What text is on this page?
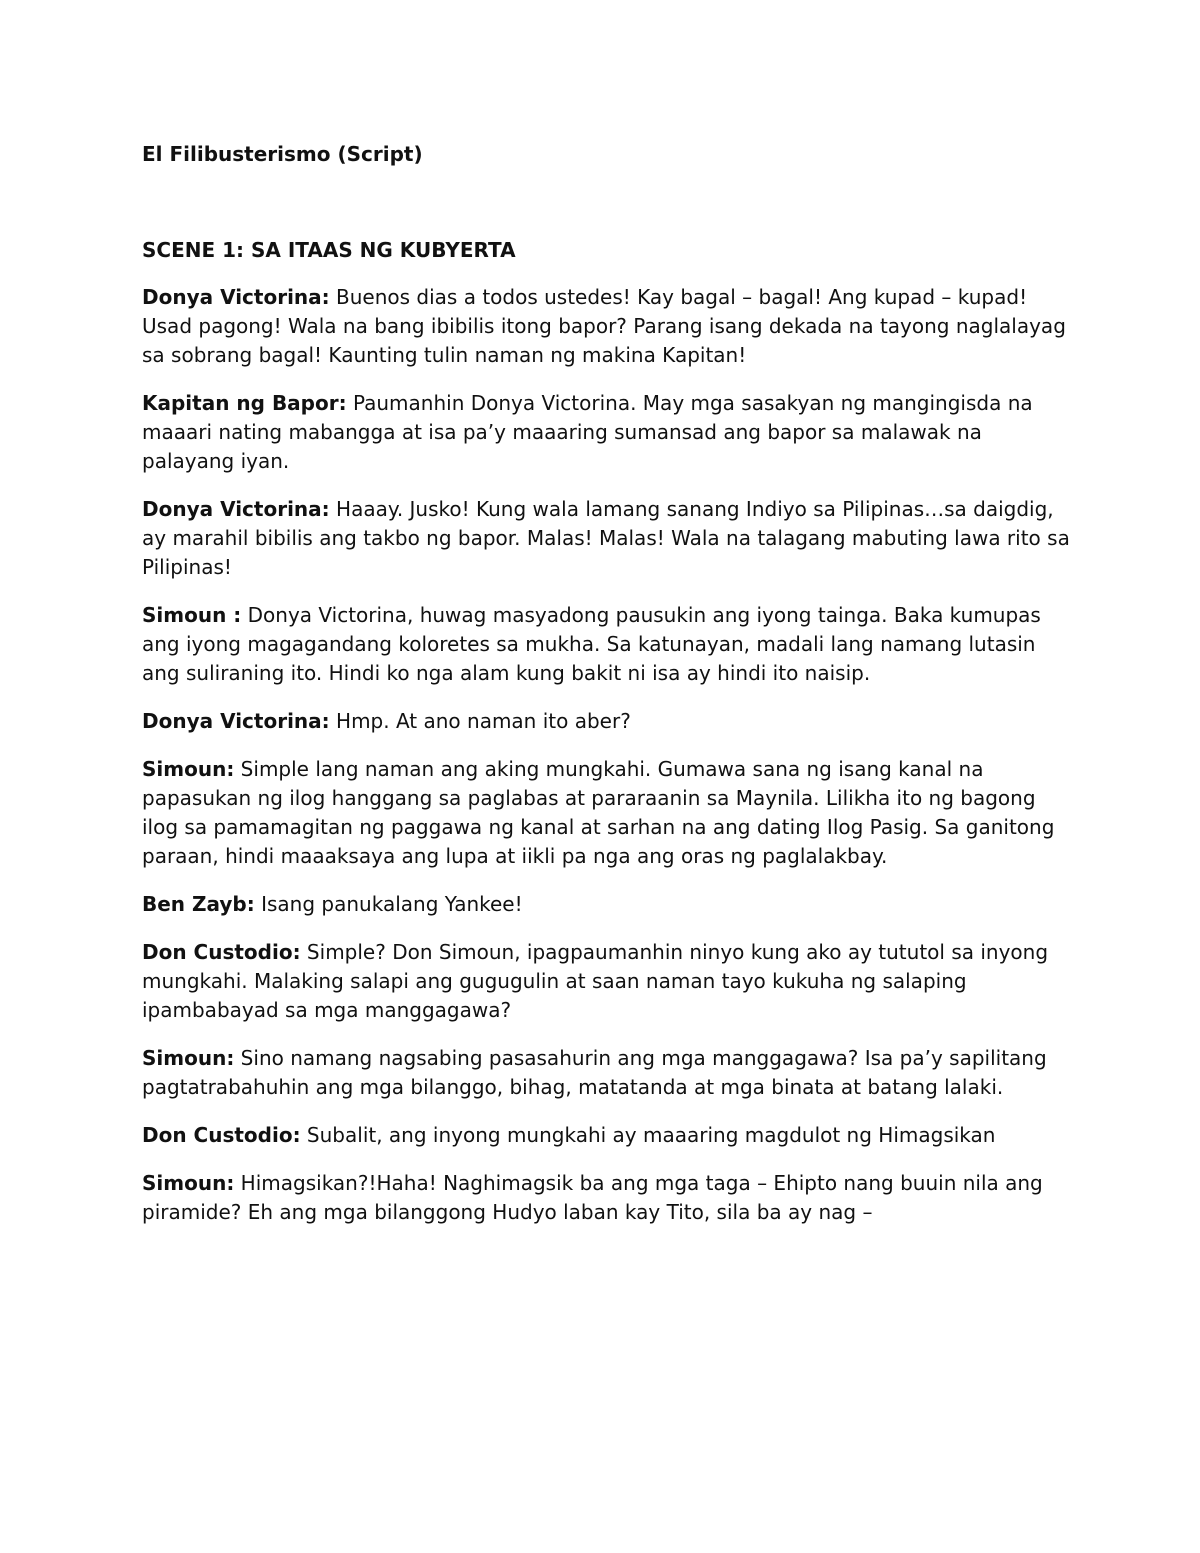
El Filibusterismo (Script)
SCENE 1: SA ITAAS NG KUBYERTA

Donya Victorina: Buenos dias a todos ustedes! Kay bagal – bagal! Ang kupad – kupad! Usad pagong! Wala na bang ibibilis itong bapor? Parang isang dekada na tayong naglalayag sa sobrang bagal! Kaunting tulin naman ng makina Kapitan!

Kapitan ng Bapor: Paumanhin Donya Victorina. May mga sasakyan ng mangingisda na maaari nating mabangga at isa pa’y maaaring sumansad ang bapor sa malawak na palayang iyan.

Donya Victorina: Haaay. Jusko! Kung wala lamang sanang Indiyo sa Pilipinas…sa daigdig, ay marahil bibilis ang takbo ng bapor. Malas! Malas! Wala na talagang mabuting lawa rito sa Pilipinas!

Simoun : Donya Victorina, huwag masyadong pausukin ang iyong tainga. Baka kumupas ang iyong magagandang koloretes sa mukha. Sa katunayan, madali lang namang lutasin ang suliraning ito. Hindi ko nga alam kung bakit ni isa ay hindi ito naisip.

Donya Victorina: Hmp. At ano naman ito aber?

Simoun: Simple lang naman ang aking mungkahi. Gumawa sana ng isang kanal na papasukan ng ilog hanggang sa paglabas at pararaanin sa Maynila. Lilikha ito ng bagong ilog sa pamamagitan ng paggawa ng kanal at sarhan na ang dating Ilog Pasig. Sa ganitong paraan, hindi maaaksaya ang lupa at iikli pa nga ang oras ng paglalakbay.

Ben Zayb: Isang panukalang Yankee!

Don Custodio: Simple? Don Simoun, ipagpaumanhin ninyo kung ako ay tututol sa inyong mungkahi. Malaking salapi ang gugugulin at saan naman tayo kukuha ng salaping ipambabayad sa mga manggagawa?

Simoun: Sino namang nagsabing pasasahurin ang mga manggagawa? Isa pa’y sapilitang pagtatrabahuhin ang mga bilanggo, bihag, matatanda at mga binata at batang lalaki.

Don Custodio: Subalit, ang inyong mungkahi ay maaaring magdulot ng Himagsikan

Simoun: Himagsikan?!Haha! Naghimagsik ba ang mga taga – Ehipto nang buuin nila ang piramide? Eh ang mga bilanggong Hudyo laban kay Tito, sila ba ay nag –
